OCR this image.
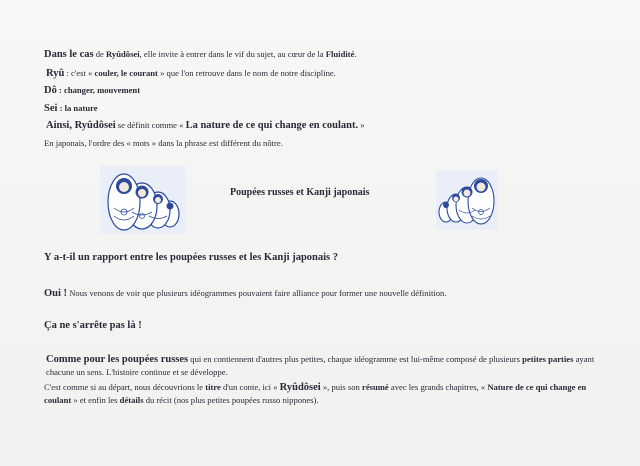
Dans le cas de Ryûdôsei, elle invite à entrer dans le vif du sujet, au cœur de la Fluidité.
Ryû : c'est « couler, le courant » que l'on retrouve dans le nom de notre discipline.
Dô : changer, mouvement
Sei : la nature
Ainsi, Ryûdôsei se définit comme « La nature de ce qui change en coulant. »
En japonais, l'ordre des « mots » dans la phrase est différent du nôtre.
Poupées russes et Kanji japonais
Y a-t-il un rapport entre les poupées russes et les Kanji japonais ?
Oui ! Nous venons de voir que plusieurs idéogrammes pouvaient faire alliance pour former une nouvelle définition.
Ça ne s'arrête pas là !
Comme pour les poupées russes qui en contiennent d'autres plus petites, chaque idéogramme est lui-même composé de plusieurs petites parties ayant chacune un sens. L'histoire continue et se développe.
C'est comme si au départ, nous découvrions le titre d'un conte, ici « Ryûdôsei », puis son résumé avec les grands chapitres, « Nature de ce qui change en coulant » et enfin les détails du récit (nos plus petites poupées russo nippones).
